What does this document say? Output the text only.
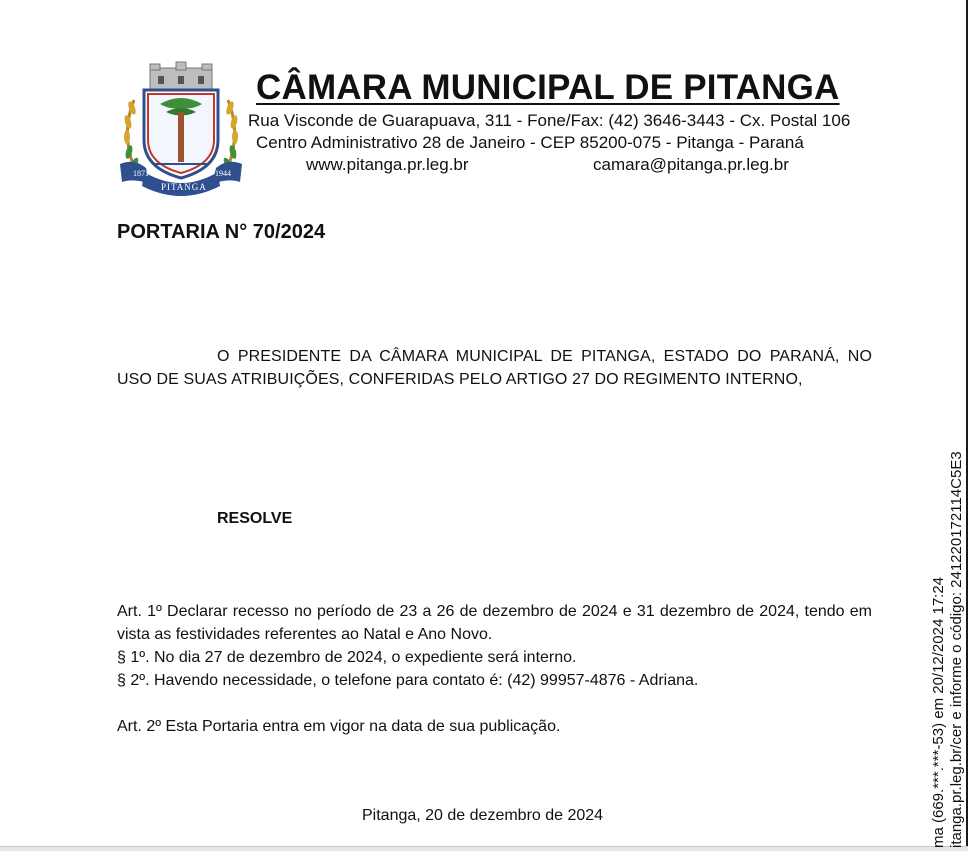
1871	1944
PITANGA
CÂMARA MUNICIPAL DE PITANGA
Rua Visconde de Guarapuava, 311 - Fone/Fax: (42) 3646-3443 - Cx. Postal 106
Centro Administrativo 28 de Janeiro - CEP 85200-075 - Pitanga - Paraná
www.pitanga.pr.leg.br	camara@pitanga.pr.leg.br
PORTARIA N° 70/2024
O PRESIDENTE DA CÂMARA MUNICIPAL DE PITANGA, ESTADO DO PARANÁ, NO USO DE SUAS ATRIBUIÇÕES, CONFERIDAS PELO ARTIGO 27 DO REGIMENTO INTERNO,
RESOLVE
Art. 1º Declarar recesso no período de 23 a 26 de dezembro de 2024 e 31 dezembro de 2024, tendo em vista as festividades referentes ao Natal e Ano Novo.
§ 1º. No dia 27 de dezembro de 2024, o expediente será interno.
§ 2º. Havendo necessidade, o telefone para contato é: (42) 99957-4876 - Adriana.
Art. 2º Esta Portaria entra em vigor na data de sua publicação.
Pitanga, 20 de dezembro de 2024	ma (669.***.***-53) em 20/12/2024 17:24 itanga.pr.leg.br/cer e informe o código: 241220172114C5E3
